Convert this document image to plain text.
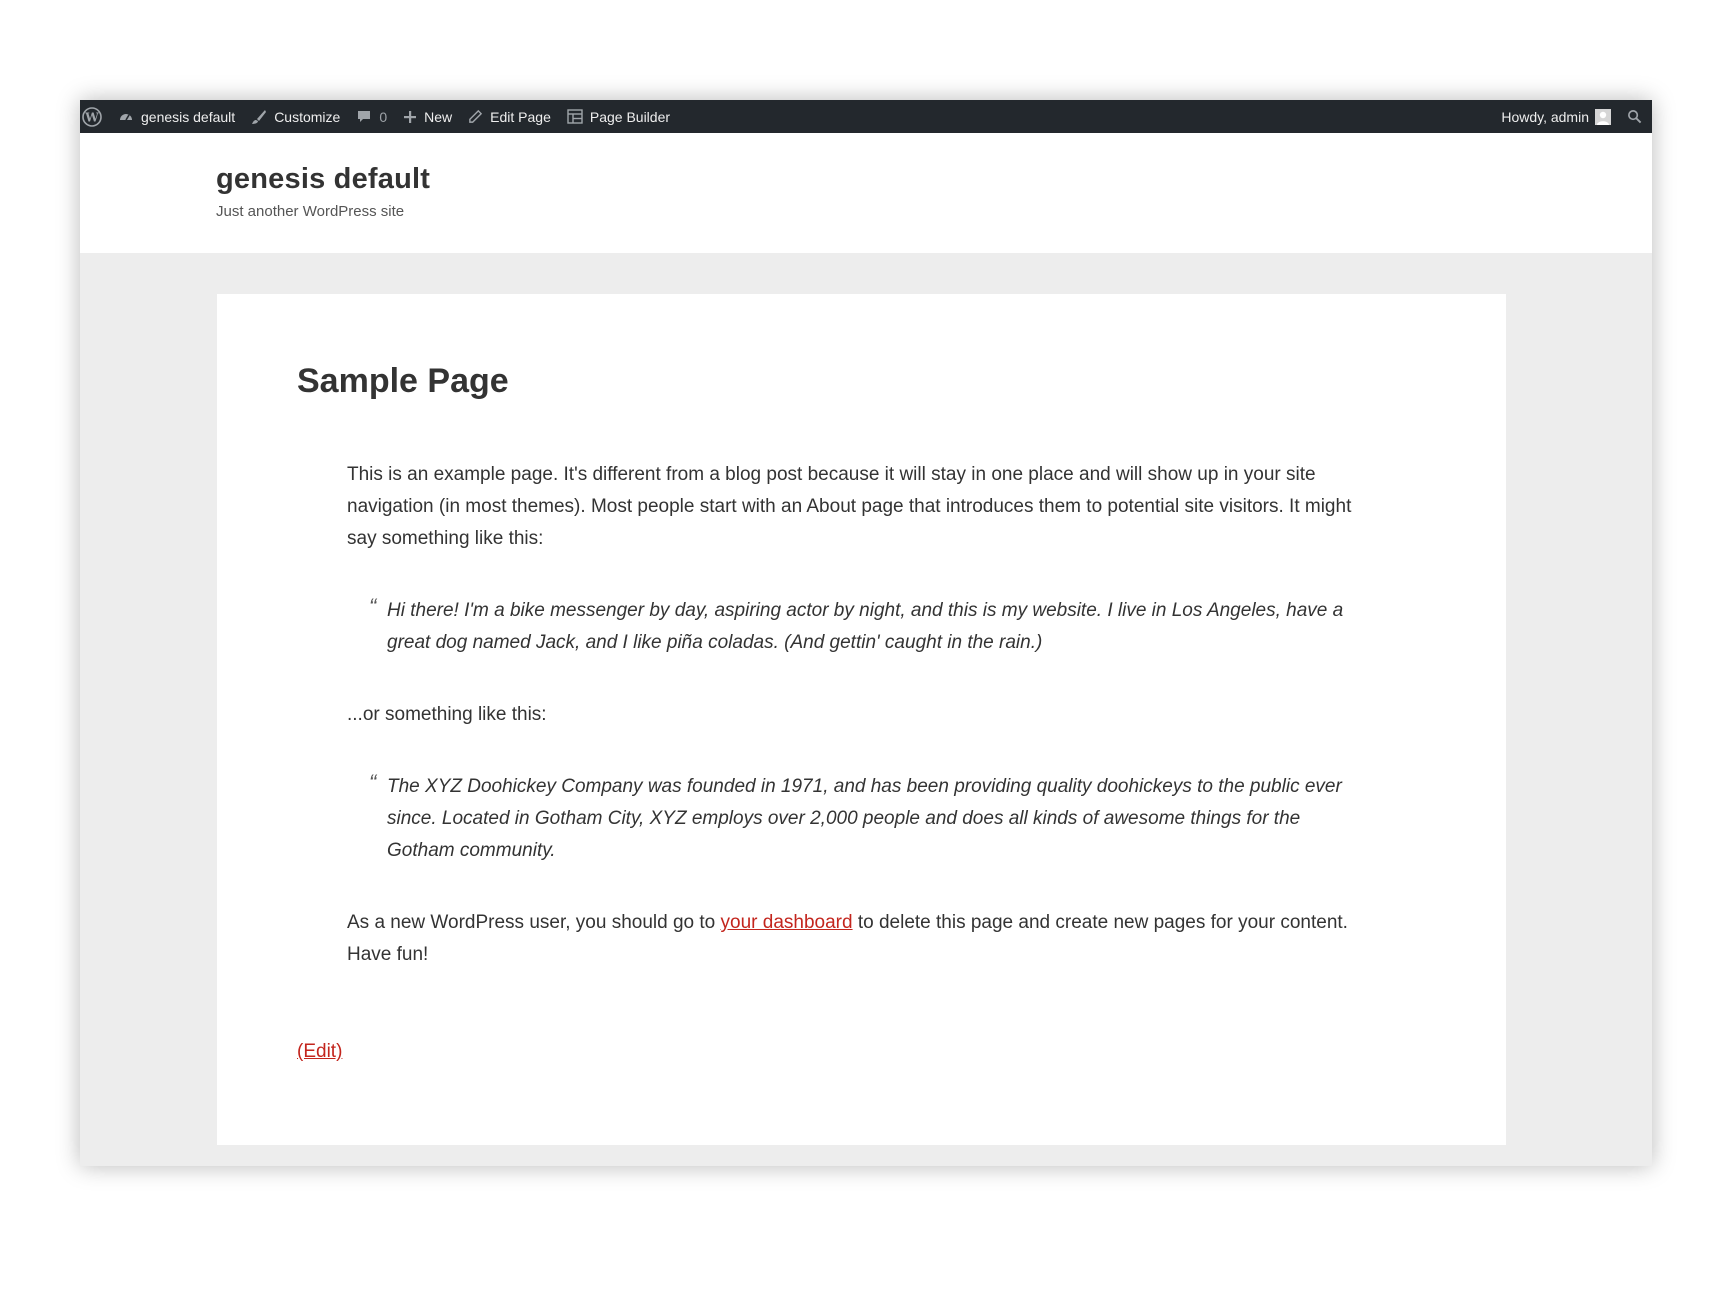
W	genesis default	Customize	0	New	Edit Page	Page Builder	Howdy, admin
genesis default

Just another WordPress site

Sample Page

This is an example page. It's different from a blog post because it will stay in one place and will show up in your site navigation (in most themes). Most people start with an About page that introduces them to potential site visitors. It might say something like this:

“ Hi there! I'm a bike messenger by day, aspiring actor by night, and this is my website. I live in Los Angeles, have a great dog named Jack, and I like piña coladas. (And gettin' caught in the rain.)

...or something like this:

“ The XYZ Doohickey Company was founded in 1971, and has been providing quality doohickeys to the public ever since. Located in Gotham City, XYZ employs over 2,000 people and does all kinds of awesome things for the Gotham community.

As a new WordPress user, you should go to your dashboard to delete this page and create new pages for your content. Have fun!

(Edit)
